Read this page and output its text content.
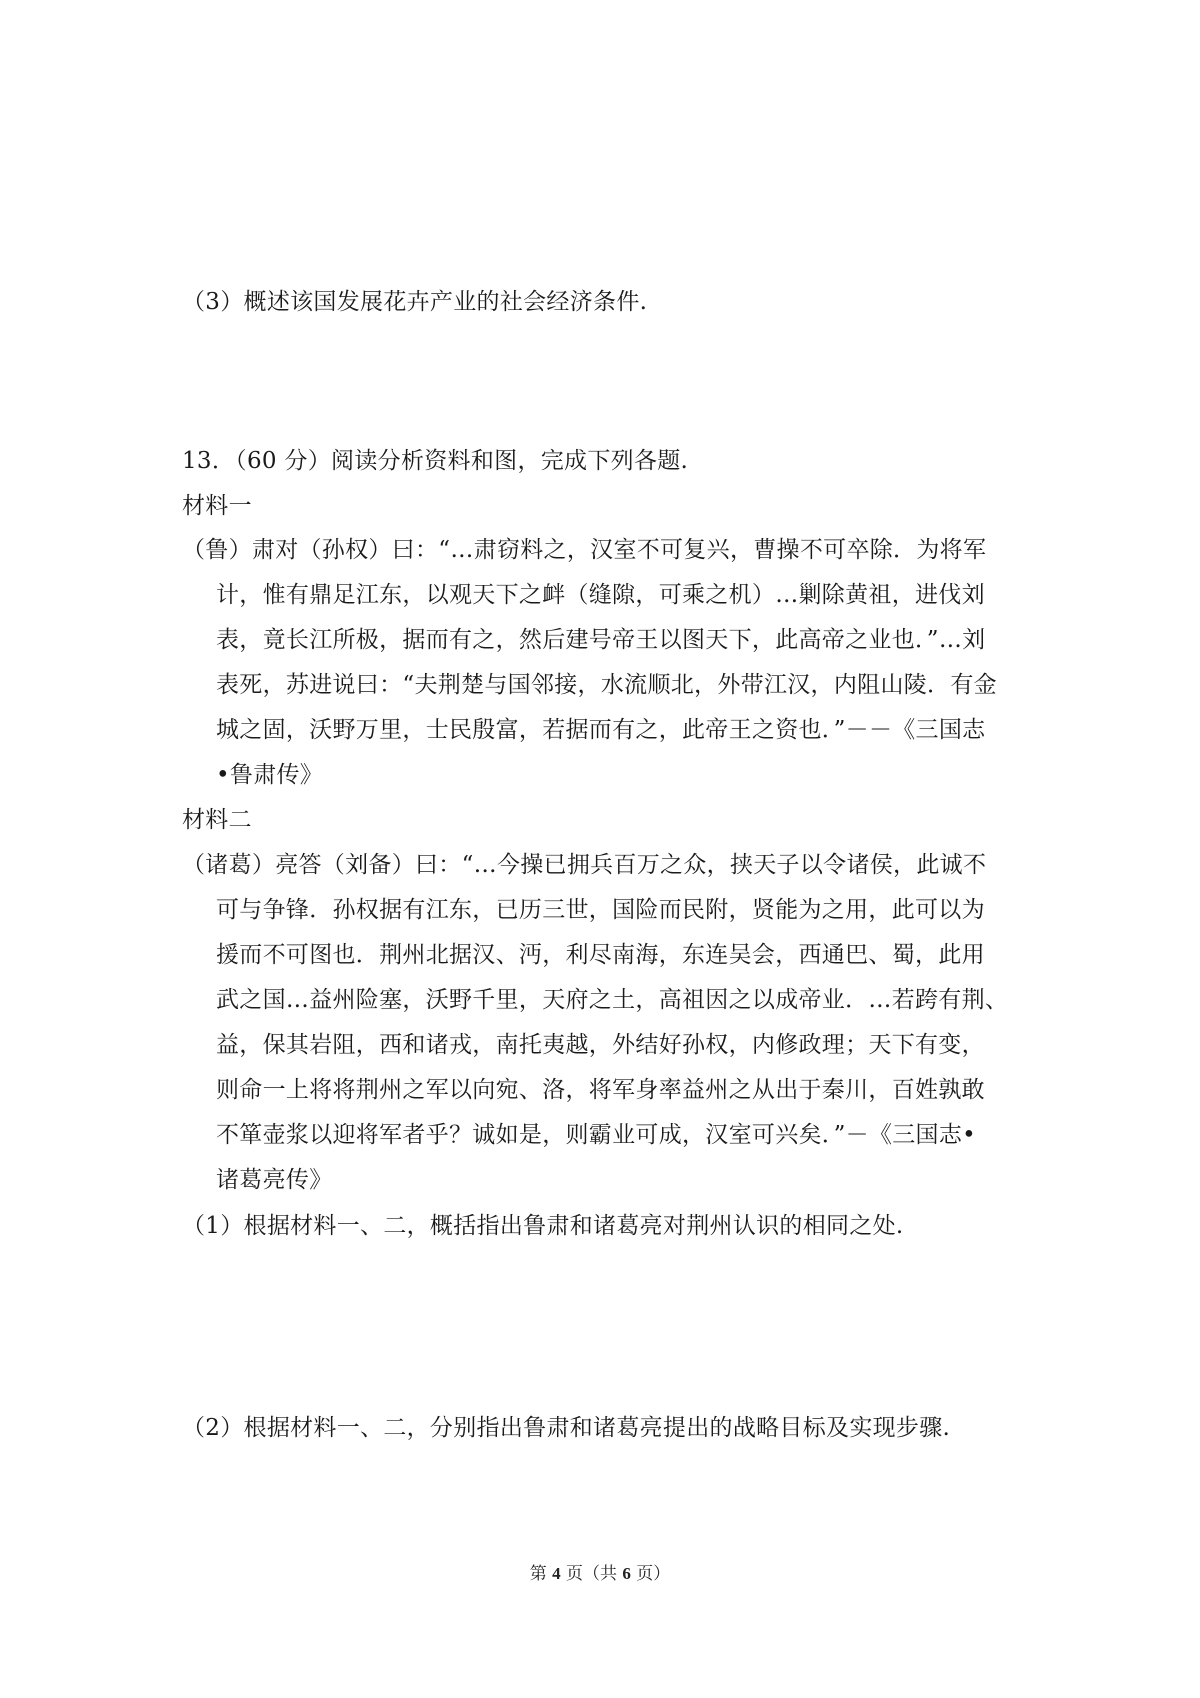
（3）概述该国发展花卉产业的社会经济条件.
13．（60 分）阅读分析资料和图，完成下列各题.
材料一
（鲁）肃对（孙权）曰：“…肃窃料之，汉室不可复兴，曹操不可卒除．为将军
计，惟有鼎足江东，以观天下之衅（缝隙，可乘之机）…剿除黄祖，进伐刘
表，竟长江所极，据而有之，然后建号帝王以图天下，此高帝之业也．”…刘
表死，苏进说曰：“夫荆楚与国邻接，水流顺北，外带江汉，内阻山陵．有金
城之固，沃野万里，士民殷富，若据而有之，此帝王之资也．”－－《三国志
•鲁肃传》
材料二
（诸葛）亮答（刘备）曰：“…今操已拥兵百万之众，挟天子以令诸侯，此诚不
可与争锋．孙权据有江东，已历三世，国险而民附，贤能为之用，此可以为
援而不可图也．荆州北据汉、沔，利尽南海，东连吴会，西通巴、蜀，此用
武之国…益州险塞，沃野千里，天府之土，高祖因之以成帝业．…若跨有荆、
益，保其岩阻，西和诸戎，南托夷越，外结好孙权，内修政理；天下有变，
则命一上将将荆州之军以向宛、洛，将军身率益州之从出于秦川，百姓孰敢
不箪壶浆以迎将军者乎？诚如是，则霸业可成，汉室可兴矣．”－《三国志•
诸葛亮传》
（1）根据材料一、二，概括指出鲁肃和诸葛亮对荆州认识的相同之处.
（2）根据材料一、二，分别指出鲁肃和诸葛亮提出的战略目标及实现步骤.
第 4 页（共 6 页）
